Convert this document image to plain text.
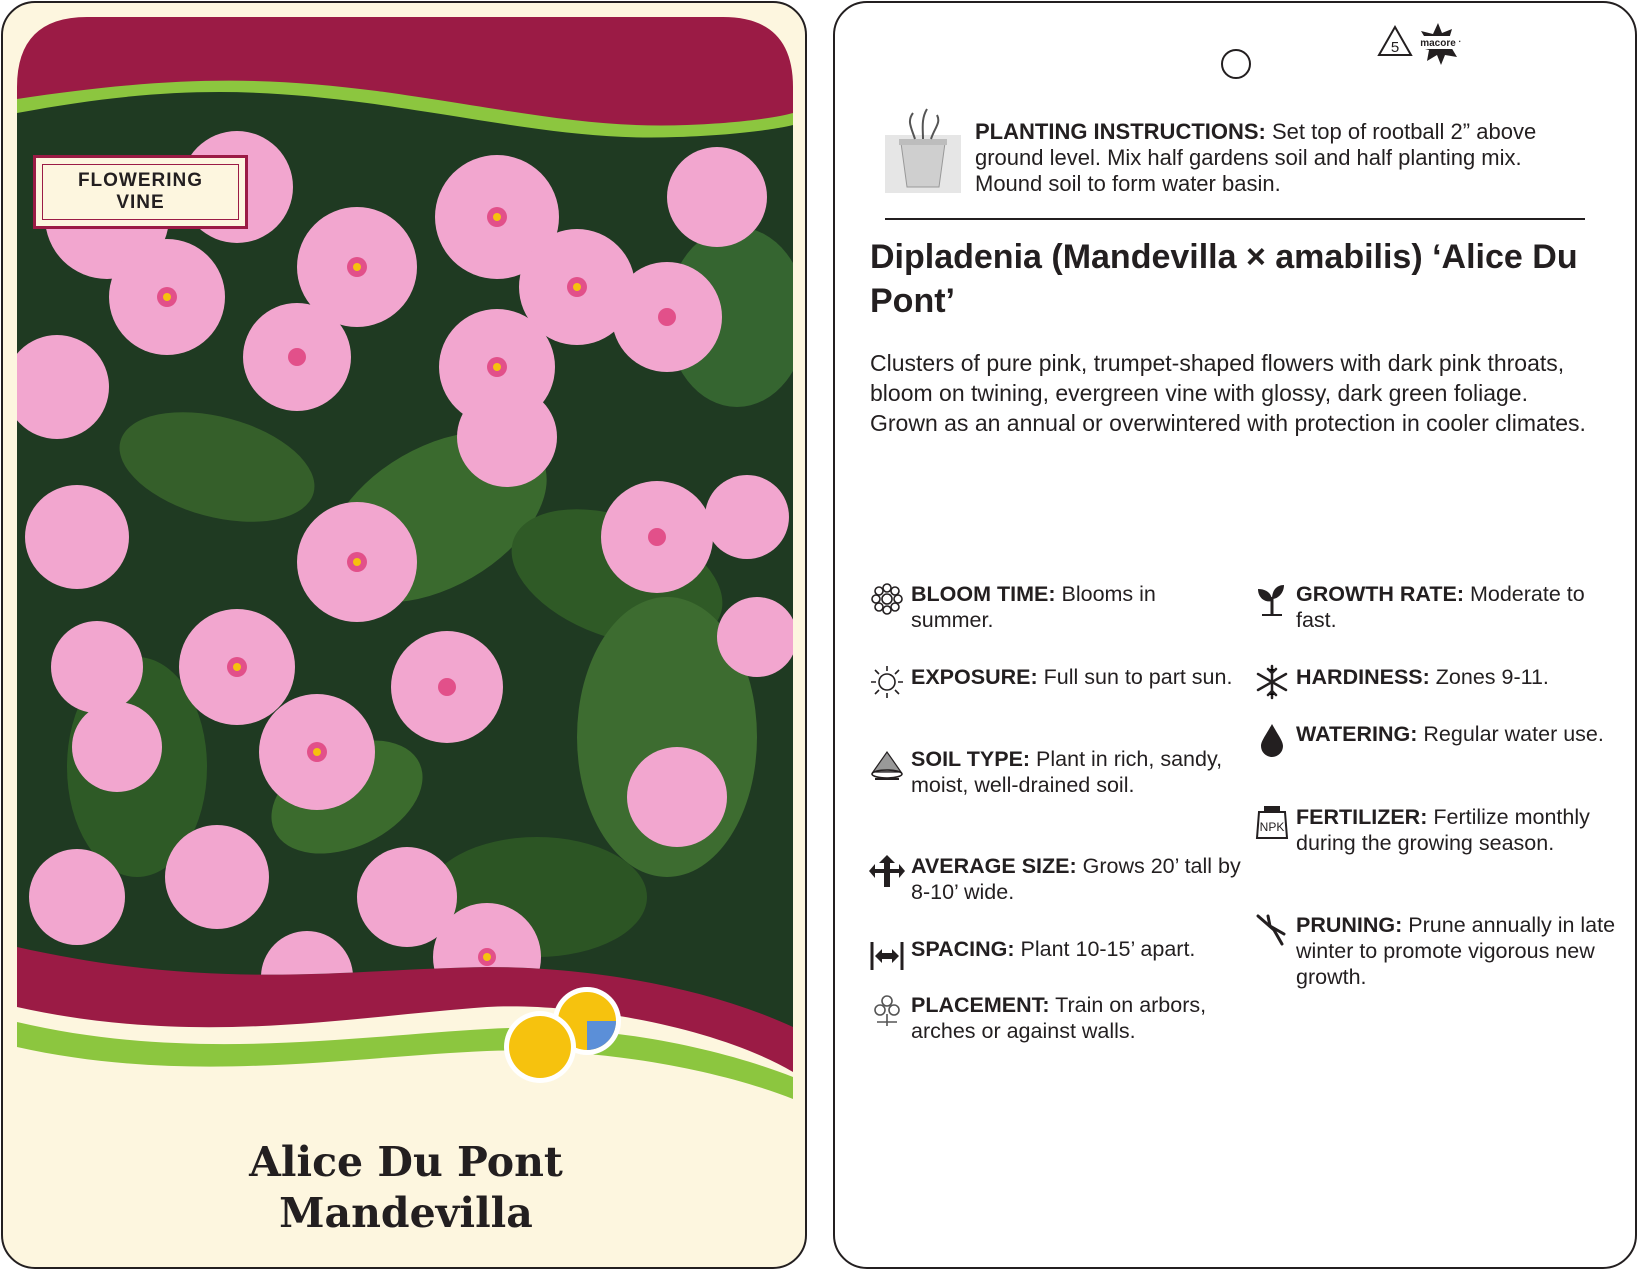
FLOWERING
VINE
Alice Du Pont
Mandevilla
5 macore
PLANTING INSTRUCTIONS: Set top of rootball 2” above ground level. Mix half gardens soil and half planting mix. Mound soil to form water basin.
Dipladenia (Mandevilla × amabilis) ‘Alice Du Pont’
Clusters of pure pink, trumpet-shaped flowers with dark pink throats, bloom on twining, evergreen vine with glossy, dark green foliage. Grown as an annual or overwintered with protection in cooler climates.
BLOOM TIME: Blooms in summer.
EXPOSURE: Full sun to part sun.
SOIL TYPE: Plant in rich, sandy, moist, well-drained soil.
AVERAGE SIZE: Grows 20’ tall by 8-10’ wide.
SPACING: Plant 10-15’ apart.
PLACEMENT: Train on arbors, arches or against walls.
GROWTH RATE: Moderate to fast.
HARDINESS: Zones 9-11.
WATERING: Regular water use.
NPK FERTILIZER: Fertilize monthly during the growing season.
PRUNING: Prune annually in late winter to promote vigorous new growth.
